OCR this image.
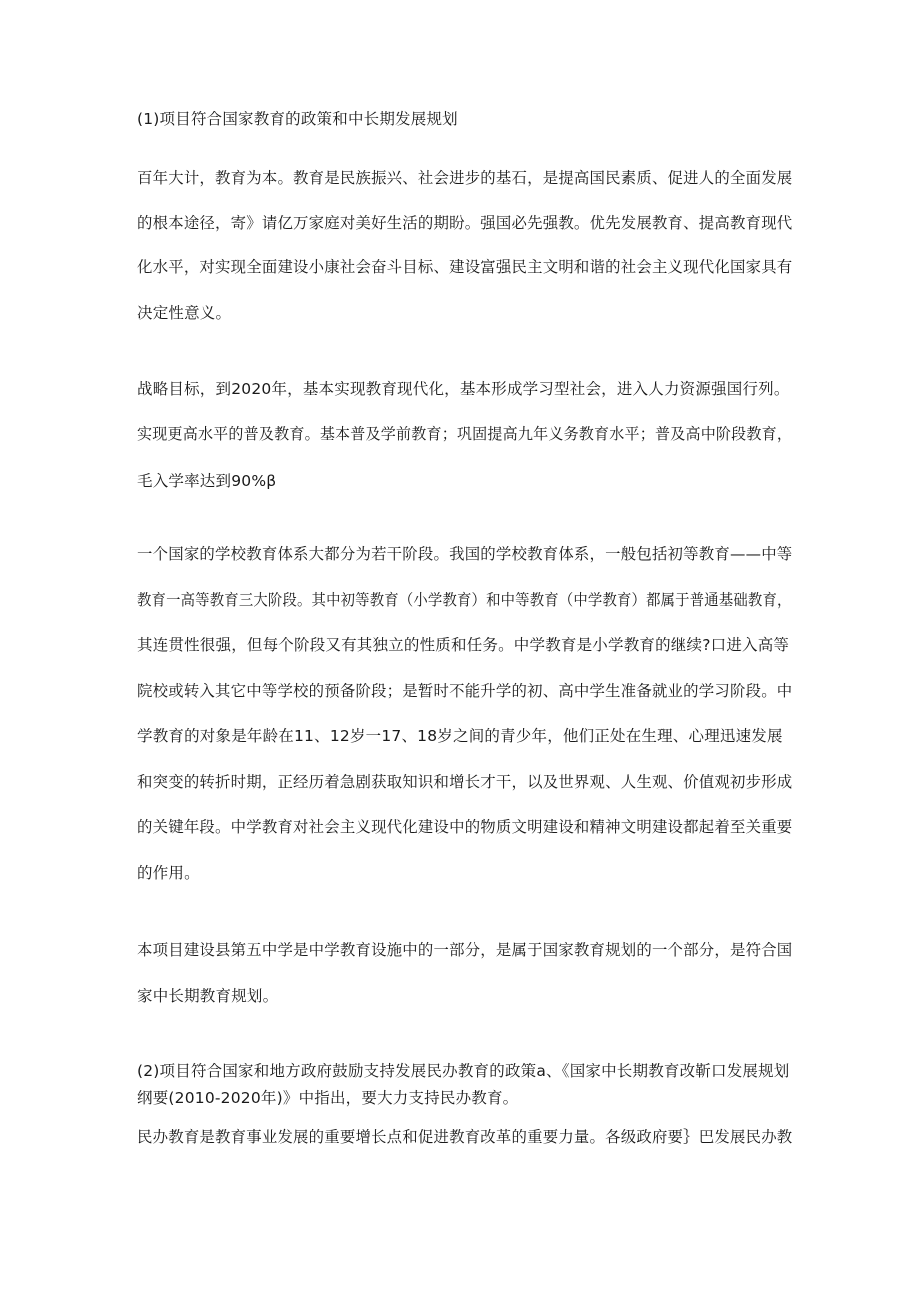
(1)项目符合国家教育的政策和中长期发展规划
百年大计，教育为本。教育是民族振兴、社会进步的基石，是提高国民素质、促进人的全面发展
的根本途径，寄》请亿万家庭对美好生活的期盼。强国必先强教。优先发展教育、提高教育现代
化水平，对实现全面建设小康社会奋斗目标、建设富强民主文明和谐的社会主义现代化国家具有
决定性意义。
战略目标，到2020年，基本实现教育现代化，基本形成学习型社会，进入人力资源强国行列。
实现更高水平的普及教育。基本普及学前教育；巩固提高九年义务教育水平；普及高中阶段教育，
毛入学率达到90%β
一个国家的学校教育体系大都分为若干阶段。我国的学校教育体系，一般包括初等教育——中等
教育一高等教育三大阶段。其中初等教育（小学教育）和中等教育（中学教育）都属于普通基础教育，
其连贯性很强，但每个阶段又有其独立的性质和任务。中学教育是小学教育的继续?口进入高等
院校或转入其它中等学校的预备阶段；是暂时不能升学的初、高中学生准备就业的学习阶段。中
学教育的对象是年龄在11、12岁一17、18岁之间的青少年，他们正处在生理、心理迅速发展
和突变的转折时期，正经历着急剧获取知识和增长才干，以及世界观、人生观、价值观初步形成
的关键年段。中学教育对社会主义现代化建设中的物质文明建设和精神文明建设都起着至关重要
的作用。
本项目建设县第五中学是中学教育设施中的一部分，是属于国家教育规划的一个部分，是符合国
家中长期教育规划。
(2)项目符合国家和地方政府鼓励支持发展民办教育的政策a、《国家中长期教育改靳口发展规划
纲要(2010-2020年)》中指出，要大力支持民办教育。
民办教育是教育事业发展的重要增长点和促进教育改革的重要力量。各级政府要｝巴发展民办教
